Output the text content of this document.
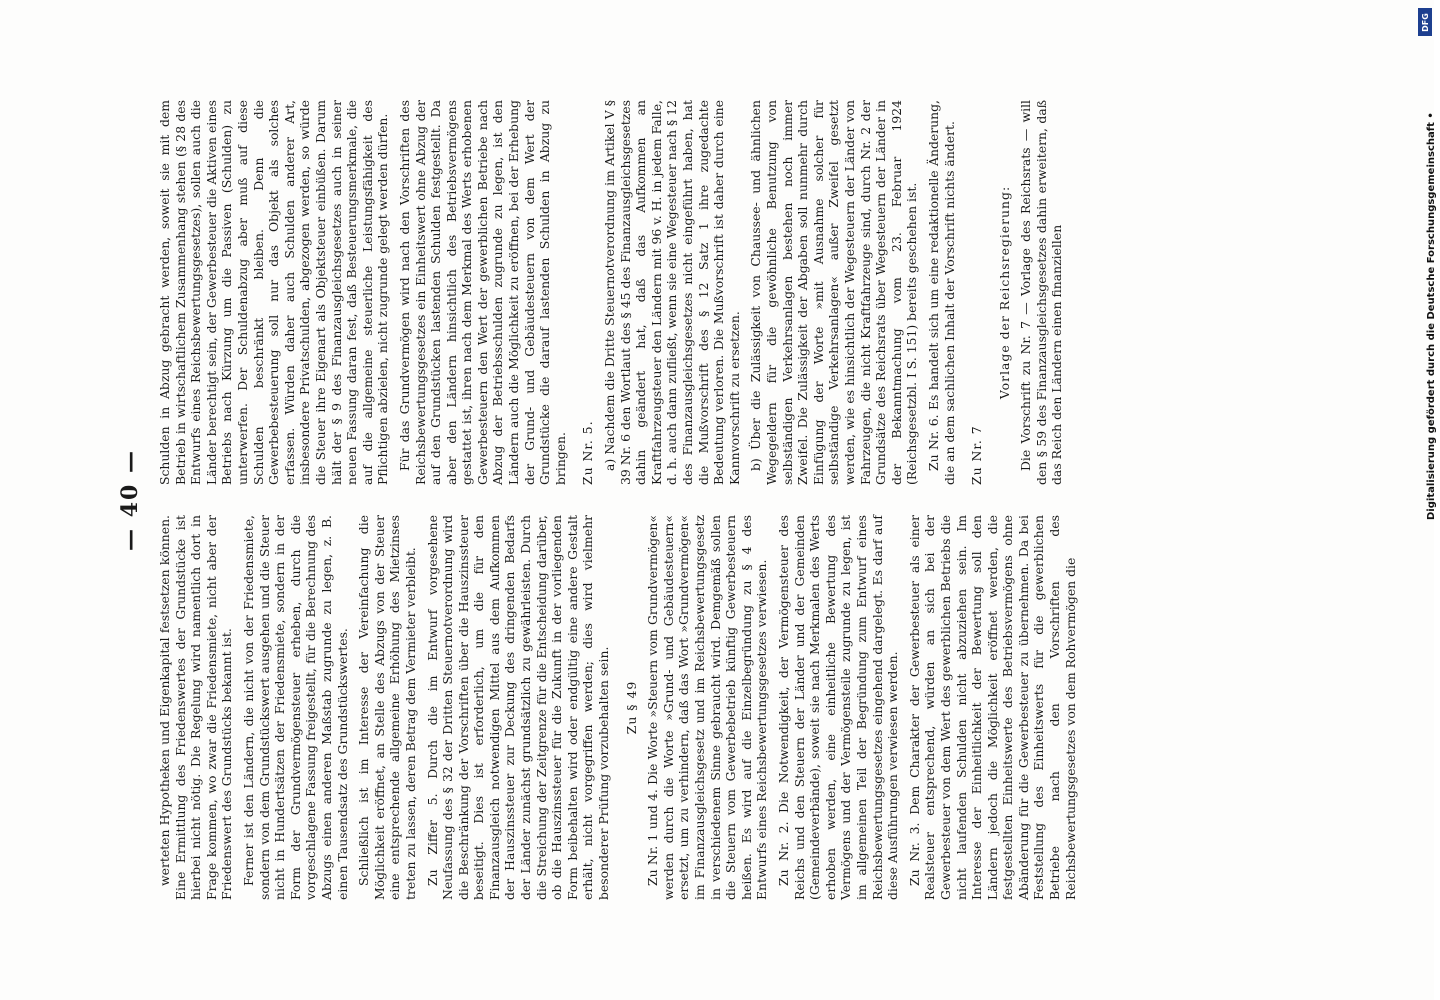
— 40 —

werteten Hypotheken und Eigenkapital festsetzen können. Eine Ermittlung des Friedenswertes der Grundstücke ist hierbei nicht nötig. Die Regelung wird namentlich dort in Frage kommen, wo zwar die Friedensmiete, nicht aber der Friedenswert des Grundstücks bekannt ist. Ferner ist den Ländern, die nicht von der Friedensmiete, sondern von dem Grundstückswert ausgehen und die Steuer nicht in Hundertsätzen der Friedensmiete, sondern in der Form der Grundvermögensteuer erheben, durch die vorgeschlagene Fassung freigestellt, für die Berechnung des Abzugs einen anderen Maßstab zugrunde zu legen, z. B. einen Tausendsatz des Grundstückswertes. Schließlich ist im Interesse der Vereinfachung die Möglichkeit eröffnet, an Stelle des Abzugs von der Steuer eine entsprechende allgemeine Erhöhung des Mietzinses treten zu lassen, deren Betrag dem Vermieter verbleibt. Zu Ziffer 5. Durch die im Entwurf vorgesehene Neufassung des § 32 der Dritten Steuernotverordnung wird die Beschränkung der Vorschriften über die Hauszinssteuer beseitigt. Dies ist erforderlich, um die für den Finanzausgleich notwendigen Mittel aus dem Aufkommen der Hauszinssteuer zur Deckung des dringenden Bedarfs der Länder zunächst grundsätzlich zu gewährleisten. Durch die Streichung der Zeitgrenze für die Entscheidung darüber, ob die Hauszinssteuer für die Zukunft in der vorliegenden Form beibehalten wird oder endgültig eine andere Gestalt erhält, nicht vorgegriffen werden; dies wird vielmehr besonderer Prüfung vorzubehalten sein. Zu § 49 Zu Nr. 1 und 4. Die Worte »Steuern vom Grundvermögen« werden durch die Worte »Grund- und Gebäudesteuern« ersetzt, um zu verhindern, daß das Wort »Grundvermögen« im Finanzausgleichsgesetz und im Reichsbewertungsgesetz in verschiedenem Sinne gebraucht wird. Demgemäß sollen die Steuern vom Gewerbebetrieb künftig Gewerbesteuern heißen. Es wird auf die Einzelbegründung zu § 4 des Entwurfs eines Reichsbewertungsgesetzes verwiesen. Zu Nr. 2. Die Notwendigkeit, der Vermögensteuer des Reichs und den Steuern der Länder und der Gemeinden (Gemeindeverbände), soweit sie nach Merkmalen des Werts erhoben werden, eine einheitliche Bewertung des Vermögens und der Vermögensteile zugrunde zu legen, ist im allgemeinen Teil der Begründung zum Entwurf eines Reichsbewertungsgesetzes eingehend dargelegt. Es darf auf diese Ausführungen verwiesen werden. Zu Nr. 3. Dem Charakter der Gewerbesteuer als einer Realsteuer entsprechend, würden an sich bei der Gewerbesteuer von dem Wert des gewerblichen Betriebs die nicht laufenden Schulden nicht abzuziehen sein. Im Interesse der Einheitlichkeit der Bewertung soll den Ländern jedoch die Möglichkeit eröffnet werden, die festgestellten Einheitswerte des Betriebsvermögens ohne Abänderung für die Gewerbesteuer zu übernehmen. Da bei Feststellung des Einheitswerts für die gewerblichen Betriebe nach den Vorschriften des Reichsbewertungsgesetzes von dem Rohvermögen die

Schulden in Abzug gebracht werden, soweit sie mit dem Betrieb in wirtschaftlichem Zusammenhang stehen (§ 28 des Entwurfs eines Reichsbewertungsgesetzes), sollen auch die Länder berechtigt sein, der Gewerbesteuer die Aktiven eines Betriebs nach Kürzung um die Passiven (Schulden) zu unterwerfen. Der Schuldenabzug aber muß auf diese Schulden beschränkt bleiben. Denn die Gewerbebesteuerung soll nur das Objekt als solches erfassen. Würden daher auch Schulden anderer Art, insbesondere Privatschulden, abgezogen werden, so würde die Steuer ihre Eigenart als Objektsteuer einbüßen. Darum hält der § 9 des Finanzausgleichsgesetzes auch in seiner neuen Fassung daran fest, daß Besteuerungsmerkmale, die auf die allgemeine steuerliche Leistungsfähigkeit des Pflichtigen abzielen, nicht zugrunde gelegt werden dürfen. Für das Grundvermögen wird nach den Vorschriften des Reichsbewertungsgesetzes ein Einheitswert ohne Abzug der auf den Grundstücken lastenden Schulden festgestellt. Da aber den Ländern hinsichtlich des Betriebsvermögens gestattet ist, ihren nach dem Merkmal des Werts erhobenen Gewerbesteuern den Wert der gewerblichen Betriebe nach Abzug der Betriebsschulden zugrunde zu legen, ist den Ländern auch die Möglichkeit zu eröffnen, bei der Erhebung der Grund- und Gebäudesteuern von dem Wert der Grundstücke die darauf lastenden Schulden in Abzug zu bringen. Zu Nr. 5. a) Nachdem die Dritte Steuernotverordnung im Artikel V § 39 Nr. 6 den Wortlaut des § 45 des Finanzausgleichsgesetzes dahin geändert hat, daß das Aufkommen an Kraftfahrzeugsteuer den Ländern mit 96 v. H. in jedem Falle, d. h. auch dann zufließt, wenn sie eine Wegesteuer nach § 12 des Finanzausgleichsgesetzes nicht eingeführt haben, hat die Mußvorschrift des § 12 Satz 1 ihre zugedachte Bedeutung verloren. Die Mußvorschrift ist daher durch eine Kannvorschrift zu ersetzen. b) Über die Zulässigkeit von Chaussee- und ähnlichen Wegegeldern für die gewöhnliche Benutzung von selbständigen Verkehrsanlagen bestehen noch immer Zweifel. Die Zulässigkeit der Abgaben soll nunmehr durch Einfügung der Worte »mit Ausnahme solcher für selbständige Verkehrsanlagen« außer Zweifel gesetzt werden, wie es hinsichtlich der Wegesteuern der Länder von Fahrzeugen, die nicht Kraftfahrzeuge sind, durch Nr. 2 der Grundsätze des Reichsrats über Wegesteuern der Länder in der Bekanntmachung vom 23. Februar 1924 (Reichsgesetzbl. I S. 151) bereits geschehen ist. Zu Nr. 6. Es handelt sich um eine redaktionelle Änderung, die an dem sachlichen Inhalt der Vorschrift nichts ändert. Zu Nr. 7
Vorlage der Reichsregierung: Die Vorschrift zu Nr. 7 — Vorlage des Reichsrats — will den § 59 des Finanzausgleichsgesetzes dahin erweitern, daß das Reich den Ländern einen finanziellen	Digitalisierung gefördert durch die Deutsche Forschungsgemeinschaft •
DFG
